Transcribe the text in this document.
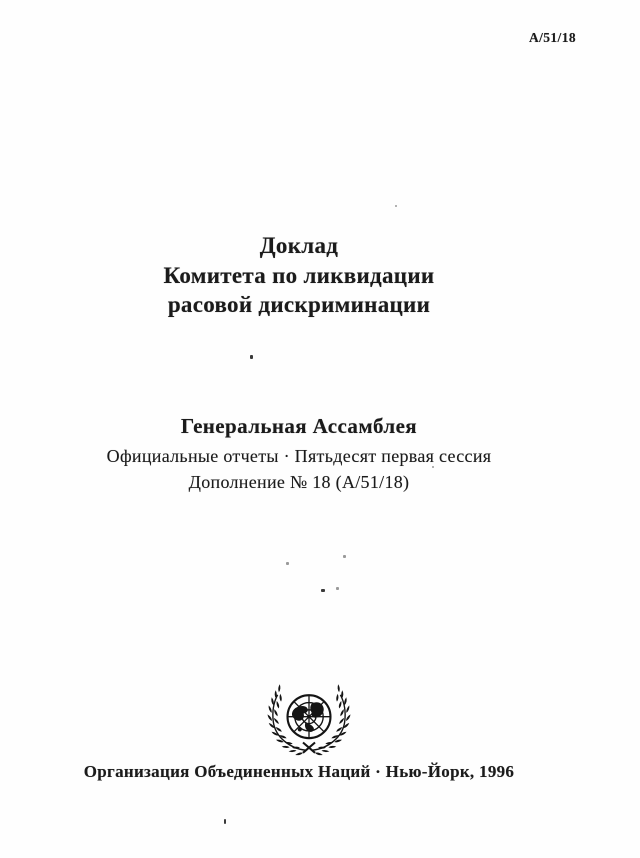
A/51/18
Доклад
Комитета по ликвидации
расовой дискриминации
Генеральная Ассамблея
Официальные отчеты · Пятьдесят первая сессия
Дополнение № 18 (A/51/18)
Организация Объединенных Наций · Нью-Йорк, 1996
